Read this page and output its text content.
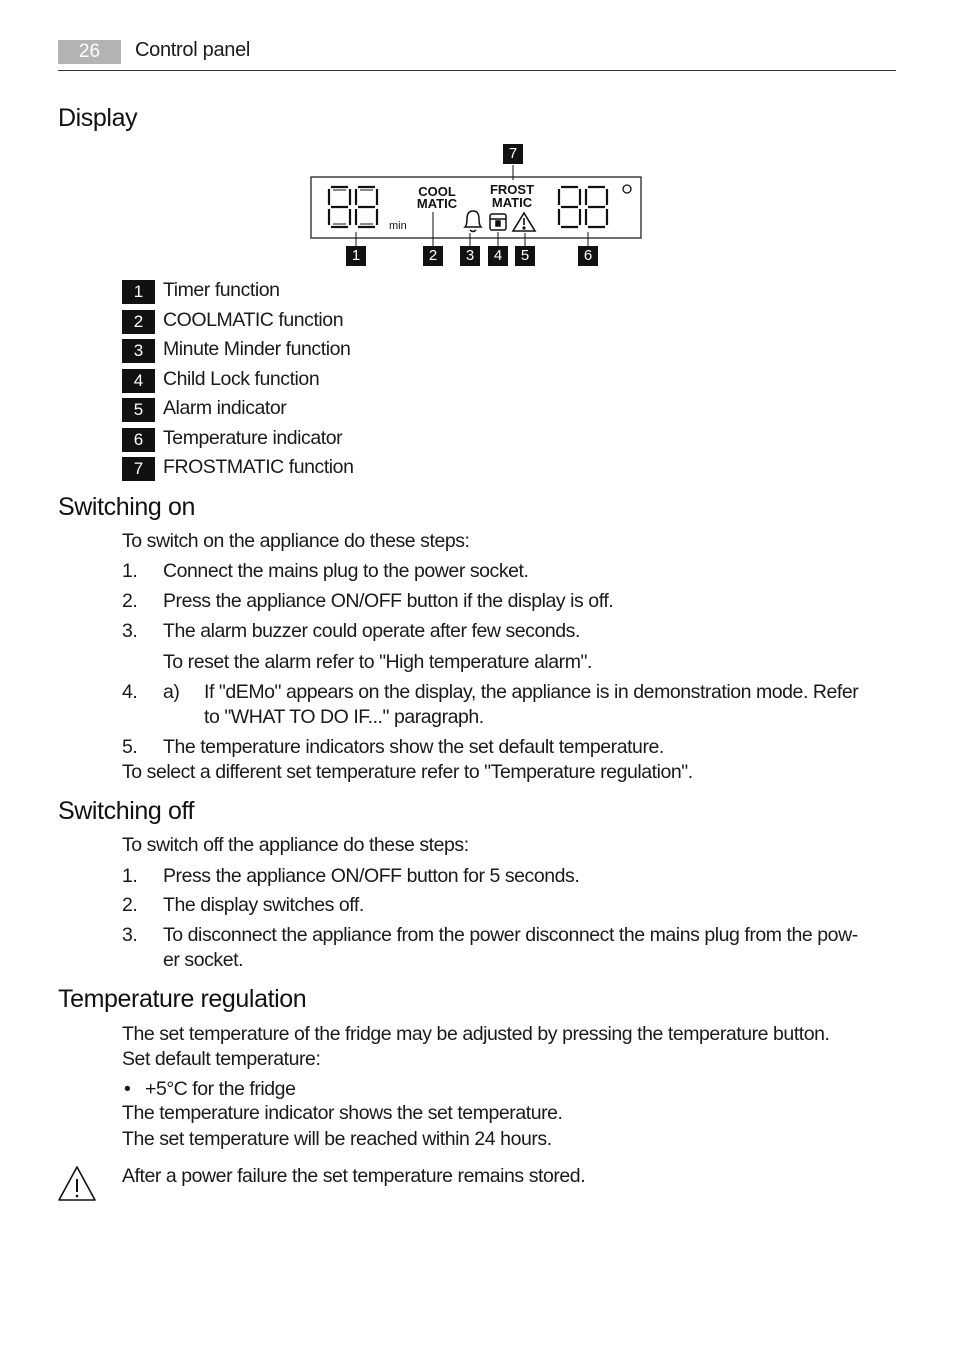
26	Control panel
Display
min
COOL
MATIC
FROST
MATIC
7
1	2	3	4	5	6
1	Timer function
2	COOLMATIC function
3	Minute Minder function
4	Child Lock function
5	Alarm indicator
6	Temperature indicator
7	FROSTMATIC function
Switching on
To switch on the appliance do these steps:
1. Connect the mains plug to the power socket.
2. Press the appliance ON/OFF button if the display is off.
3. The alarm buzzer could operate after few seconds.
To reset the alarm refer to "High temperature alarm".
4. a) If "dEMo" appears on the display, the appliance is in demonstration mode. Refer
to "WHAT TO DO IF..." paragraph.
5. The temperature indicators show the set default temperature.
To select a different set temperature refer to "Temperature regulation".
Switching off
To switch off the appliance do these steps:
1. Press the appliance ON/OFF button for 5 seconds.
2. The display switches off.
3. To disconnect the appliance from the power disconnect the mains plug from the pow-
er socket.
Temperature regulation
The set temperature of the fridge may be adjusted by pressing the temperature button.
Set default temperature:
• +5°C for the fridge
The temperature indicator shows the set temperature.
The set temperature will be reached within 24 hours.
After a power failure the set temperature remains stored.
